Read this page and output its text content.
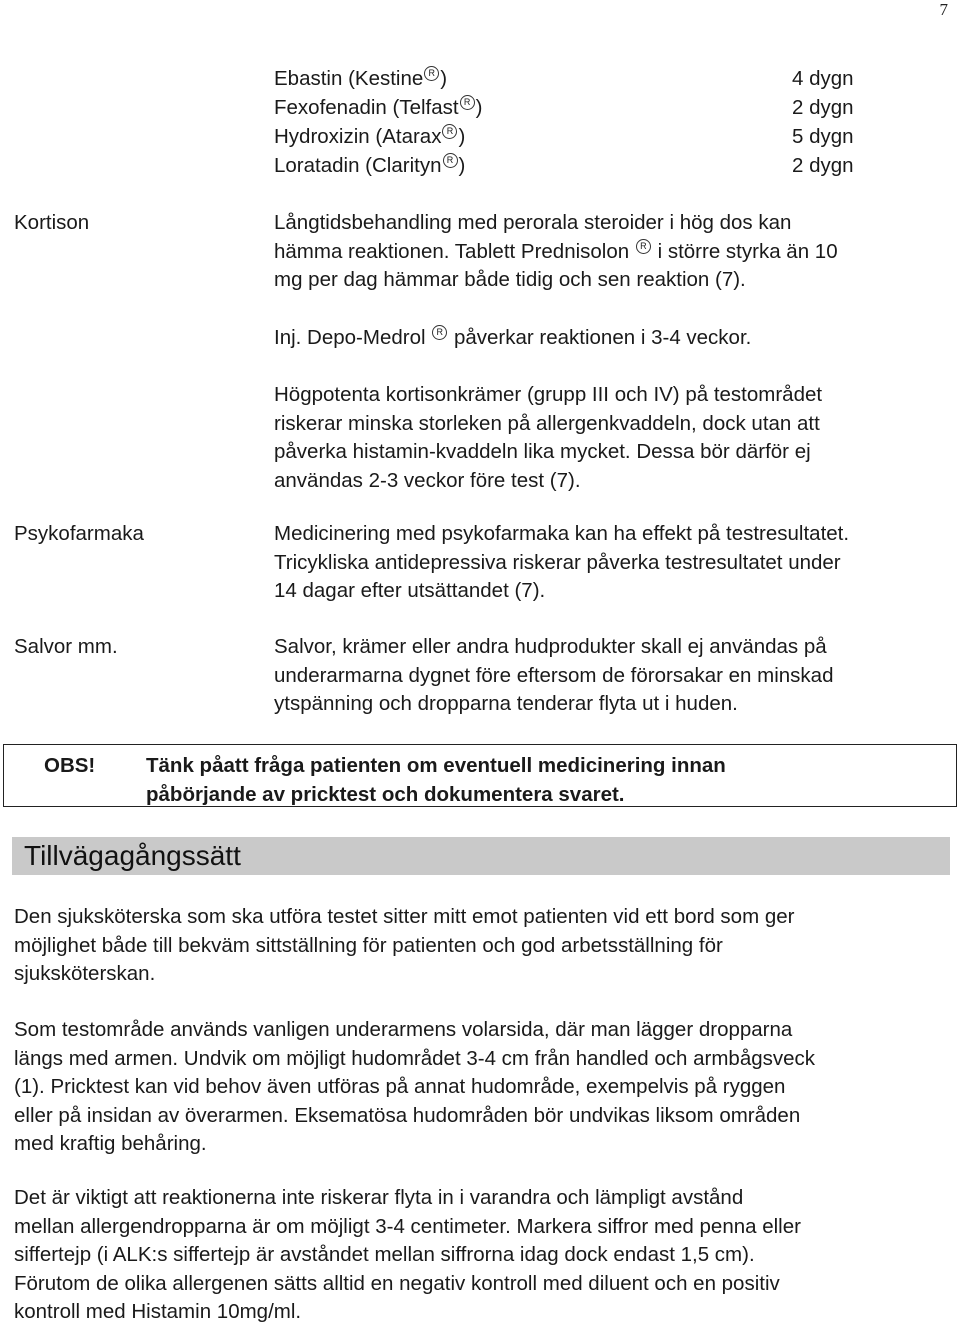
7
Ebastin (Kestine R )	4 dygn
Fexofenadin (Telfast R )	2 dygn
Hydroxizin (Atarax R )	5 dygn
Loratadin (Clarityn R )	2 dygn
Kortison	Långtidsbehandling med perorala steroider i hög dos kan
hämma reaktionen. Tablett Prednisolon R i större styrka än 10
mg per dag hämmar både tidig och sen reaktion (7).
Inj. Depo-Medrol R påverkar reaktionen i 3-4 veckor.
Högpotenta kortisonkrämer (grupp III och IV) på testområdet
riskerar minska storleken på allergenkvaddeln, dock utan att
påverka histamin-kvaddeln lika mycket. Dessa bör därför ej
användas 2-3 veckor före test (7).
Psykofarmaka	Medicinering med psykofarmaka kan ha effekt på testresultatet.
Tricykliska antidepressiva riskerar påverka testresultatet under
14 dagar efter utsättandet (7).
Salvor mm.	Salvor, krämer eller andra hudprodukter skall ej användas på
underarmarna dygnet före eftersom de förorsakar en minskad
ytspänning och dropparna tenderar flyta ut i huden.
OBS! Tänk påatt fråga patienten om eventuell medicinering innan
påbörjande av pricktest och dokumentera svaret.
Tillvägagångssätt
Den sjuksköterska som ska utföra testet sitter mitt emot patienten vid ett bord som ger
möjlighet både till bekväm sittställning för patienten och god arbetsställning för
sjuksköterskan.
Som testområde används vanligen underarmens volarsida, där man lägger dropparna
längs med armen. Undvik om möjligt hudområdet 3-4 cm från handled och armbågsveck
(1). Pricktest kan vid behov även utföras på annat hudområde, exempelvis på ryggen
eller på insidan av överarmen. Eksematösa hudområden bör undvikas liksom områden
med kraftig behåring.
Det är viktigt att reaktionerna inte riskerar flyta in i varandra och lämpligt avstånd
mellan allergendropparna är om möjligt 3-4 centimeter. Markera siffror med penna eller
siffertejp (i ALK:s siffertejp är avståndet mellan siffrorna idag dock endast 1,5 cm).
Förutom de olika allergenen sätts alltid en negativ kontroll med diluent och en positiv
kontroll med Histamin 10mg/ml.
